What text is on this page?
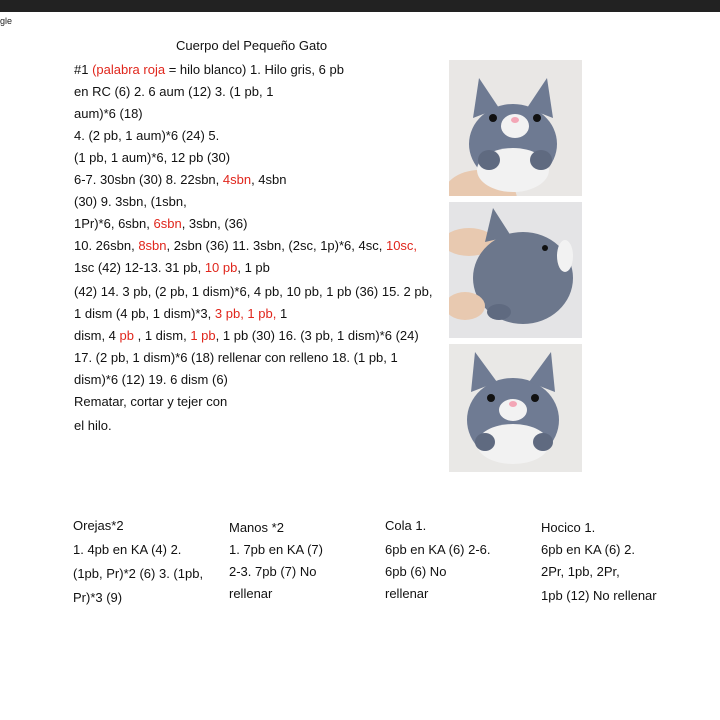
gle
Cuerpo del Pequeño Gato
#1 (palabra roja = hilo blanco) 1. Hilo gris, 6 pb
en RC (6) 2. 6 aum (12) 3. (1 pb, 1
aum)*6 (18)
4. (2 pb, 1 aum)*6 (24) 5.
(1 pb, 1 aum)*6, 12 pb (30)
6-7. 30sbn (30) 8. 22sbn, 4sbn, 4sbn
(30) 9. 3sbn, (1sbn,
1Pr)*6, 6sbn, 6sbn, 3sbn, (36)
10. 26sbn, 8sbn, 2sbn (36) 11. 3sbn, (2sc, 1p)*6, 4sc, 10sc,
1sc (42) 12-13. 31 pb, 10 pb, 1 pb
(42) 14. 3 pb, (2 pb, 1 dism)*6, 4 pb, 10 pb, 1 pb (36) 15. 2 pb,
1 dism (4 pb, 1 dism)*3, 3 pb, 1 pb, 1
dism, 4 pb , 1 dism, 1 pb, 1 pb (30) 16. (3 pb, 1 dism)*6 (24)
17. (2 pb, 1 dism)*6 (18) rellenar con relleno 18. (1 pb, 1
dism)*6 (12) 19. 6 dism (6)
Rematar, cortar y tejer con
el hilo.
Orejas*2
1. 4pb en KA (4) 2.
(1pb, Pr)*2 (6) 3. (1pb,
Pr)*3 (9)
Manos *2
1. 7pb en KA (7)
2-3. 7pb (7) No
rellenar
Cola 1.
6pb en KA (6) 2-6.
6pb (6) No
rellenar
Hocico 1.
6pb en KA (6) 2.
2Pr, 1pb, 2Pr,
1pb (12) No rellenar
